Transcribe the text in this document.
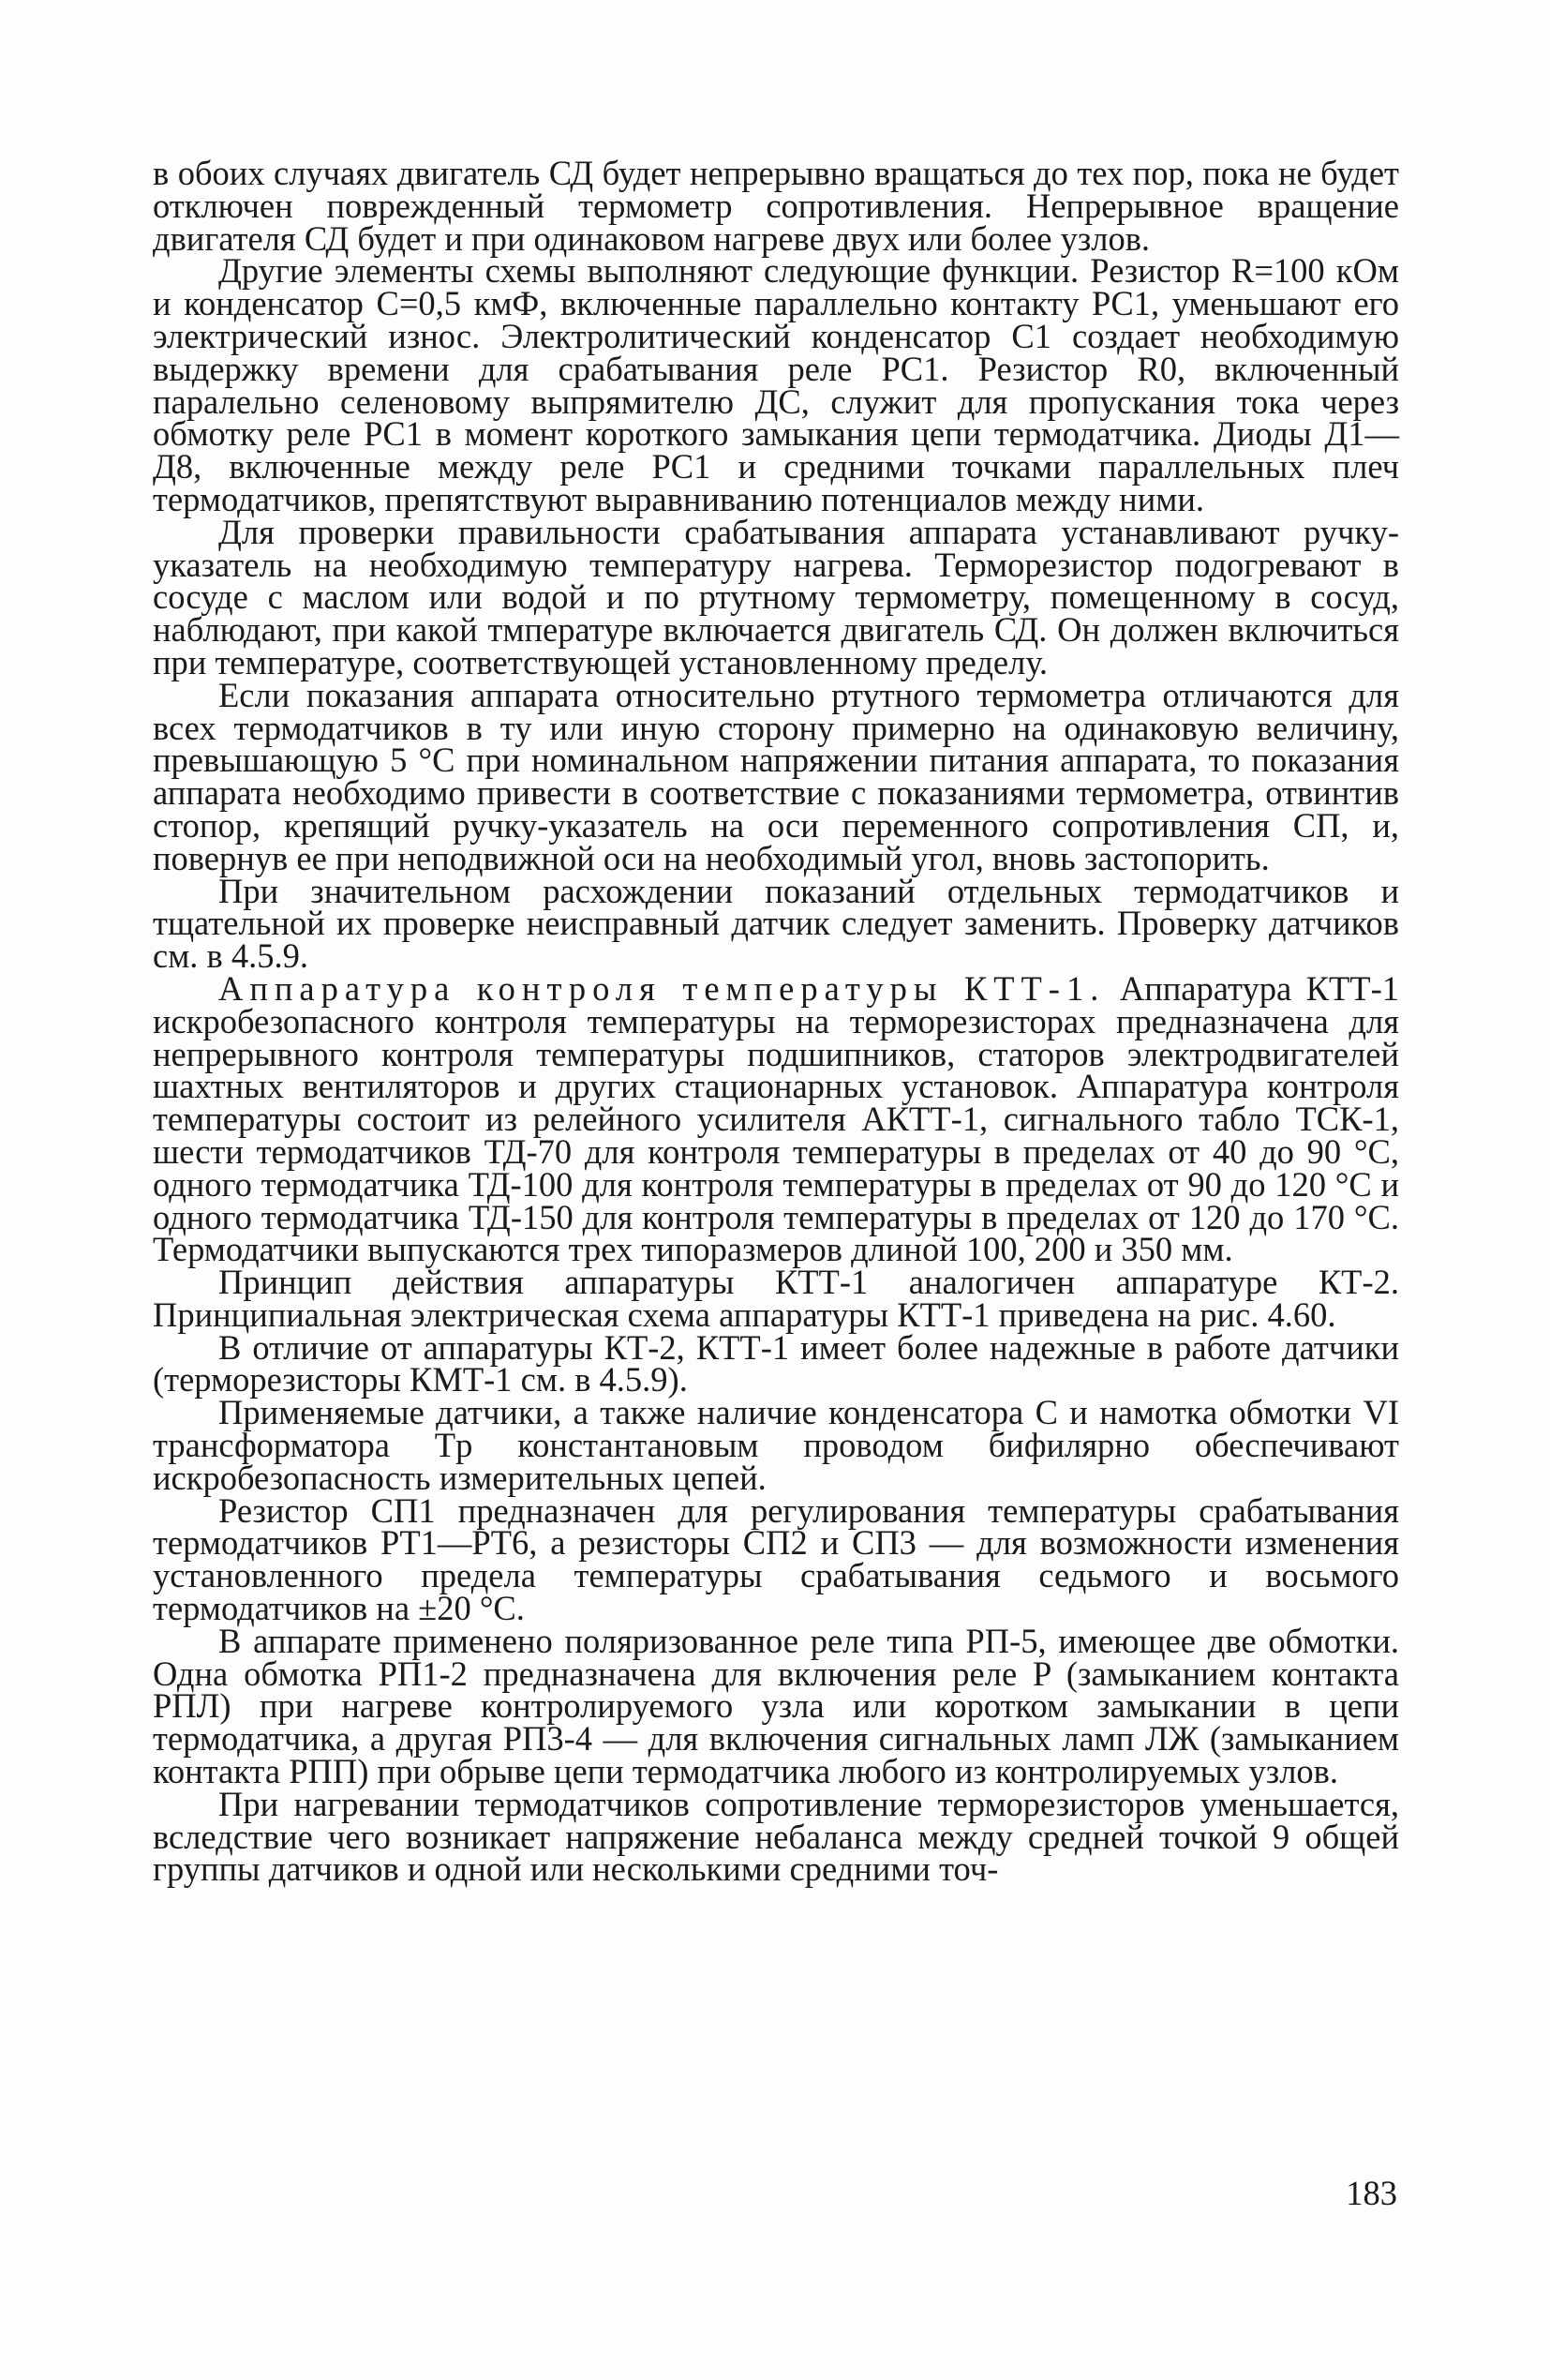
в обоих случаях двигатель СД будет непрерывно вращаться до тех пор, пока не будет отключен поврежденный термометр сопротивления. Непрерывное вращение двигателя СД будет и при одинаковом нагреве двух или более узлов.

Другие элементы схемы выполняют следующие функции. Резистор R=100 кОм и конденсатор C=0,5 кмФ, включенные параллельно контакту PC1, уменьшают его электрический износ. Электролитический конденсатор C1 создает необходимую выдержку времени для срабатывания реле PC1. Резистор R0, включенный паралельно селеновому выпрямителю ДС, служит для пропускания тока через обмотку реле PC1 в момент короткого замыкания цепи термодатчика. Диоды Д1—Д8, включенные между реле PC1 и средними точками параллельных плеч термодатчиков, препятствуют выравниванию потенциалов между ними.

Для проверки правильности срабатывания аппарата устанавливают ручку-указатель на необходимую температуру нагрева. Терморезистор подогревают в сосуде с маслом или водой и по ртутному термометру, помещенному в сосуд, наблюдают, при какой тмпературе включается двигатель СД. Он должен включиться при температуре, соответствующей установленному пределу.

Если показания аппарата относительно ртутного термометра отличаются для всех термодатчиков в ту или иную сторону примерно на одинаковую величину, превышающую 5 °С при номинальном напряжении питания аппарата, то показания аппарата необходимо привести в соответствие с показаниями термометра, отвинтив стопор, крепящий ручку-указатель на оси переменного сопротивления СП, и, повернув ее при неподвижной оси на необходимый угол, вновь застопорить.

При значительном расхождении показаний отдельных термодатчиков и тщательной их проверке неисправный датчик следует заменить. Проверку датчиков см. в 4.5.9.

Аппаратура контроля температуры КТТ-1. Аппаратура КТТ-1 искробезопасного контроля температуры на терморезисторах предназначена для непрерывного контроля температуры подшипников, статоров электродвигателей шахтных вентиляторов и других стационарных установок. Аппаратура контроля температуры состоит из релейного усилителя АКТТ-1, сигнального табло ТСК-1, шести термодатчиков ТД-70 для контроля температуры в пределах от 40 до 90 °С, одного термодатчика ТД-100 для контроля температуры в пределах от 90 до 120 °С и одного термодатчика ТД-150 для контроля температуры в пределах от 120 до 170 °С. Термодатчики выпускаются трех типоразмеров длиной 100, 200 и 350 мм.

Принцип действия аппаратуры КТТ-1 аналогичен аппаратуре КТ-2. Принципиальная электрическая схема аппаратуры КТТ-1 приведена на рис. 4.60.

В отличие от аппаратуры КТ-2, КТТ-1 имеет более надежные в работе датчики (терморезисторы КМТ-1 см. в 4.5.9).

Применяемые датчики, а также наличие конденсатора C и намотка обмотки VI трансформатора Tp константановым проводом бифилярно обеспечивают искробезопасность измерительных цепей.

Резистор СП1 предназначен для регулирования температуры срабатывания термодатчиков PT1—PT6, а резисторы СП2 и СП3 — для возможности изменения установленного предела температуры срабатывания седьмого и восьмого термодатчиков на ±20 °С.

В аппарате применено поляризованное реле типа РП-5, имеющее две обмотки. Одна обмотка РП1-2 предназначена для включения реле P (замыканием контакта РПЛ) при нагреве контролируемого узла или коротком замыкании в цепи термодатчика, а другая РП3-4 — для включения сигнальных ламп ЛЖ (замыканием контакта РПП) при обрыве цепи термодатчика любого из контролируемых узлов.

При нагревании термодатчиков сопротивление терморезисторов уменьшается, вследствие чего возникает напряжение небаланса между средней точкой 9 общей группы датчиков и одной или несколькими средними точ-

183
